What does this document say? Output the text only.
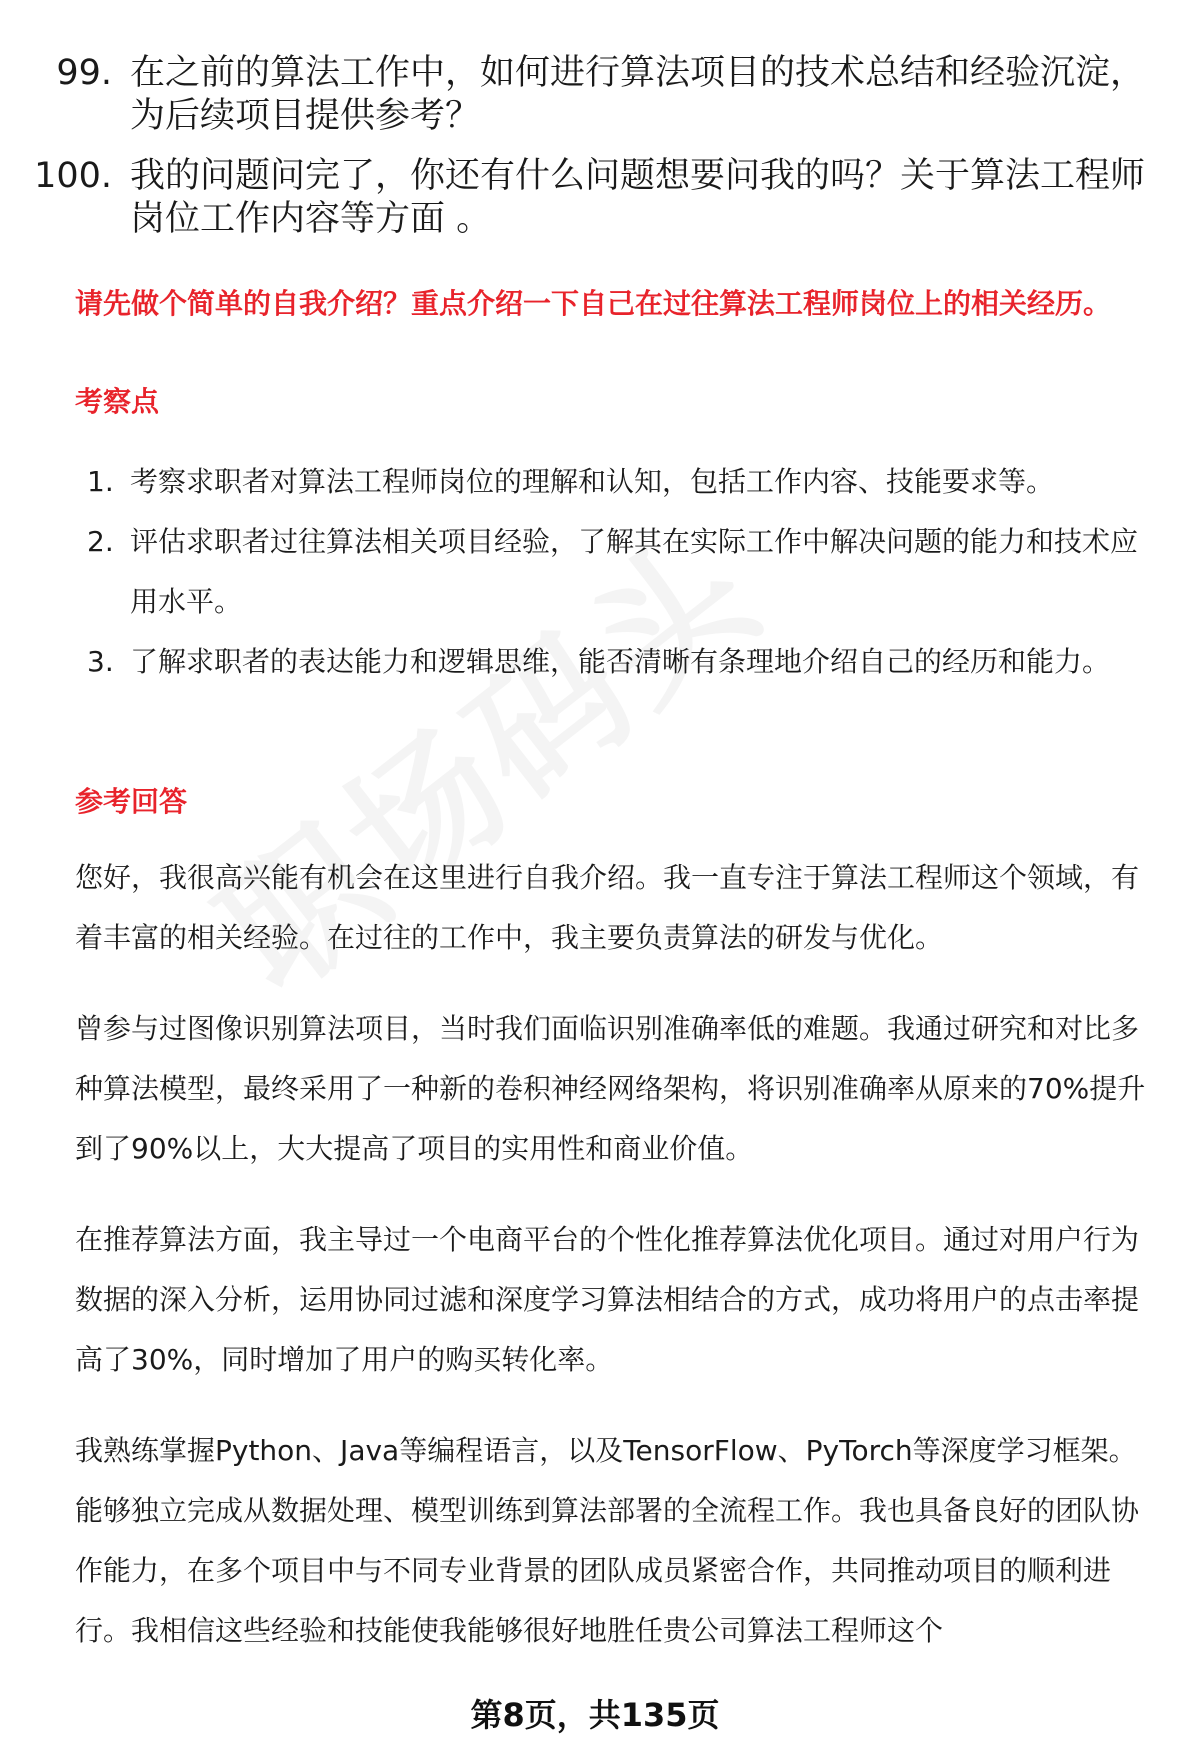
99. 在之前的算法工作中，如何进行算法项目的技术总结和经验沉淀，为后续项目提供参考？
100. 我的问题问完了，你还有什么问题想要问我的吗？关于算法工程师岗位工作内容等方面 。
请先做个简单的自我介绍？重点介绍一下自己在过往算法工程师岗位上的相关经历。
考察点
1. 考察求职者对算法工程师岗位的理解和认知，包括工作内容、技能要求等。
2. 评估求职者过往算法相关项目经验，了解其在实际工作中解决问题的能力和技术应用水平。
3. 了解求职者的表达能力和逻辑思维，能否清晰有条理地介绍自己的经历和能力。
参考回答

您好，我很高兴能有机会在这里进行自我介绍。我一直专注于算法工程师这个领域，有着丰富的相关经验。在过往的工作中，我主要负责算法的研发与优化。

曾参与过图像识别算法项目，当时我们面临识别准确率低的难题。我通过研究和对比多种算法模型，最终采用了一种新的卷积神经网络架构，将识别准确率从原来的70%提升到了90%以上，大大提高了项目的实用性和商业价值。

在推荐算法方面，我主导过一个电商平台的个性化推荐算法优化项目。通过对用户行为数据的深入分析，运用协同过滤和深度学习算法相结合的方式，成功将用户的点击率提高了30%，同时增加了用户的购买转化率。

我熟练掌握Python、Java等编程语言，以及TensorFlow、PyTorch等深度学习框架。能够独立完成从数据处理、模型训练到算法部署的全流程工作。我也具备良好的团队协作能力，在多个项目中与不同专业背景的团队成员紧密合作，共同推动项目的顺利进行。我相信这些经验和技能使我能够很好地胜任贵公司算法工程师这个

第8页，共135页
